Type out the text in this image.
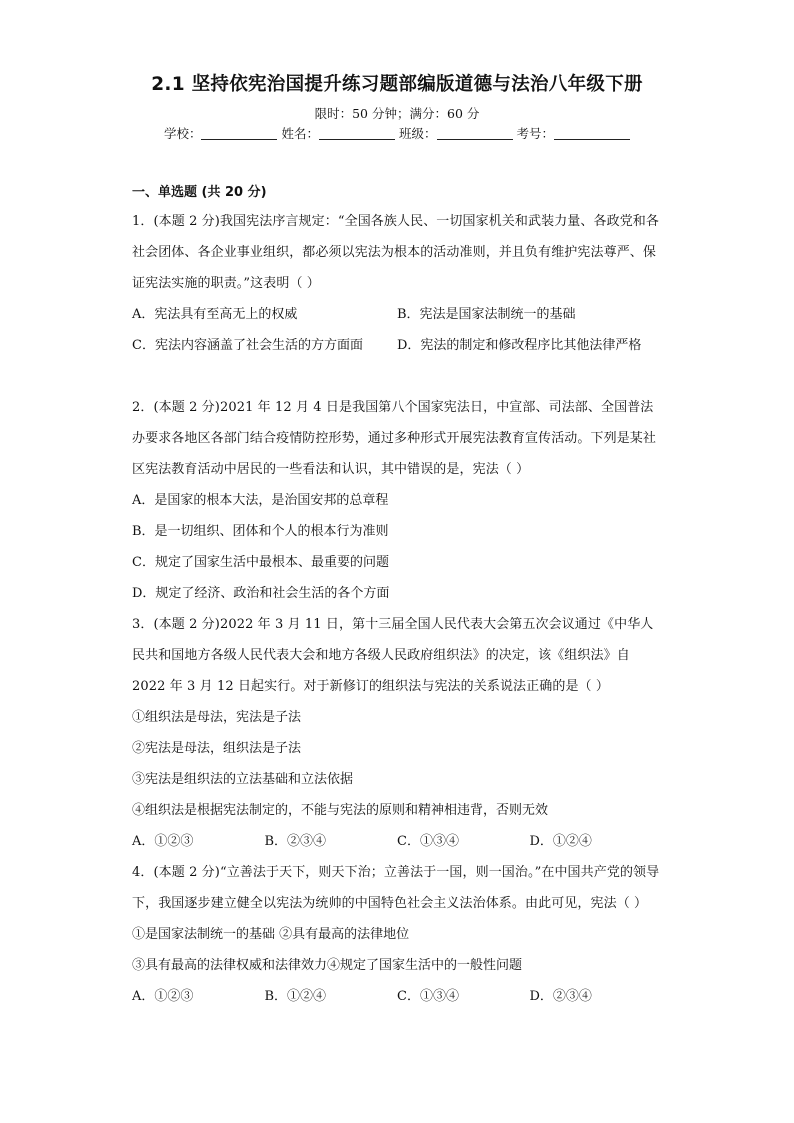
2.1 坚持依宪治国提升练习题部编版道德与法治八年级下册
限时：50 分钟；满分：60 分
学校：	姓名：	班级：	考号：
一、单选题 (共 20 分)
1．(本题 2 分)我国宪法序言规定：“全国各族人民、一切国家机关和武装力量、各政党和各社会团体、各企业事业组织，都必须以宪法为根本的活动准则，并且负有维护宪法尊严、保证宪法实施的职责。”这表明（ ）
A．宪法具有至高无上的权威	B．宪法是国家法制统一的基础
C．宪法内容涵盖了社会生活的方方面面	D．宪法的制定和修改程序比其他法律严格
2．(本题 2 分)2021 年 12 月 4 日是我国第八个国家宪法日，中宣部、司法部、全国普法办要求各地区各部门结合疫情防控形势，通过多种形式开展宪法教育宣传活动。下列是某社区宪法教育活动中居民的一些看法和认识，其中错误的是，宪法（ ）
A．是国家的根本大法，是治国安邦的总章程
B．是一切组织、团体和个人的根本行为准则
C．规定了国家生活中最根本、最重要的问题
D．规定了经济、政治和社会生活的各个方面
3．(本题 2 分)2022 年 3 月 11 日，第十三届全国人民代表大会第五次会议通过《中华人民共和国地方各级人民代表大会和地方各级人民政府组织法》的决定，该《组织法》自 2022 年 3 月 12 日起实行。对于新修订的组织法与宪法的关系说法正确的是（ ）
①组织法是母法，宪法是子法
②宪法是母法，组织法是子法
③宪法是组织法的立法基础和立法依据
④组织法是根据宪法制定的，不能与宪法的原则和精神相违背，否则无效
A．①②③	B．②③④	C．①③④	D．①②④
4．(本题 2 分)“立善法于天下，则天下治；立善法于一国，则一国治。”在中国共产党的领导下，我国逐步建立健全以宪法为统帅的中国特色社会主义法治体系。由此可见，宪法（ ）
①是国家法制统一的基础 ②具有最高的法律地位
③具有最高的法律权威和法律效力④规定了国家生活中的一般性问题
A．①②③	B．①②④	C．①③④	D．②③④
